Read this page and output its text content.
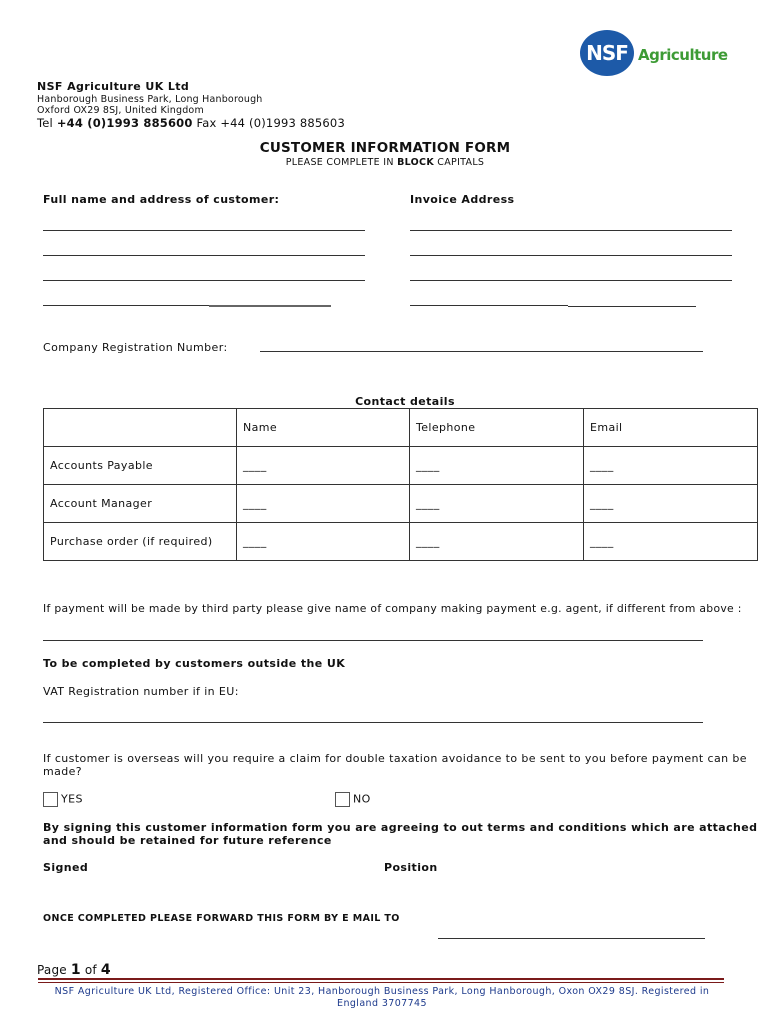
NSF Agriculture
NSF Agriculture UK Ltd
Hanborough Business Park, Long Hanborough
Oxford OX29 8SJ, United Kingdom
Tel +44 (0)1993 885600 Fax +44 (0)1993 885603
CUSTOMER INFORMATION FORM
PLEASE COMPLETE IN BLOCK CAPITALS
Full name and address of customer:	Invoice Address
Company Registration Number:
Contact details
	Name	Telephone	Email
Accounts Payable	____	____	____
Account Manager	____	____	____
Purchase order (if required)	____	____	____
If payment will be made by third party please give name of company making payment e.g. agent, if different from above :
To be completed by customers outside the UK
VAT Registration number if in EU:
If customer is overseas will you require a claim for double taxation avoidance to be sent to you before payment can be made?
YES	NO
By signing this customer information form you are agreeing to out terms and conditions which are attached and should be retained for future reference
Signed	Position
ONCE COMPLETED PLEASE FORWARD THIS FORM BY E MAIL TO
Page 1 of 4
NSF Agriculture UK Ltd, Registered Office: Unit 23, Hanborough Business Park, Long Hanborough, Oxon OX29 8SJ. Registered in England 3707745
